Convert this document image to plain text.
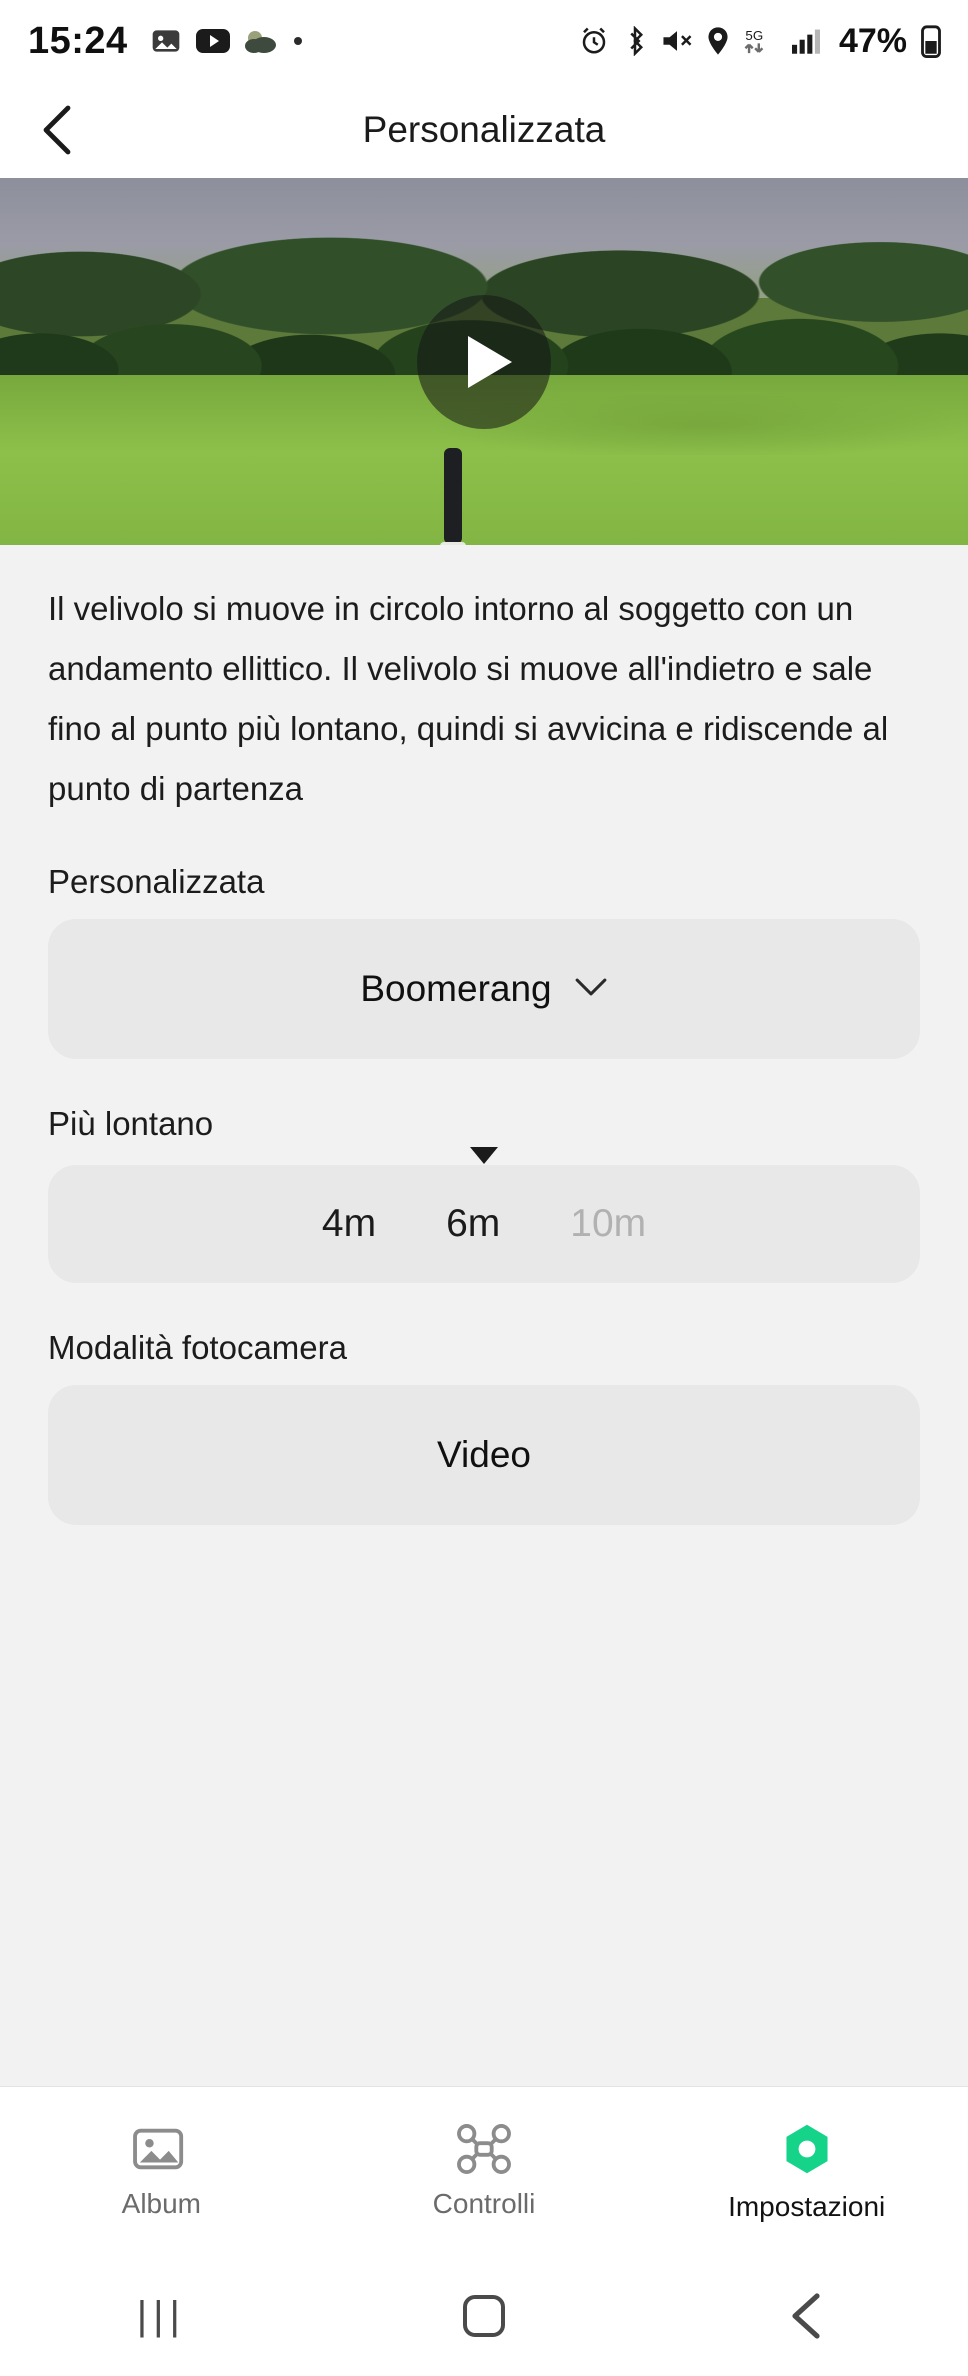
15:24	5G 47%
Personalizzata
Il velivolo si muove in circolo intorno al soggetto con un andamento ellittico. Il velivolo si muove all'indietro e sale fino al punto più lontano, quindi si avvicina e ridiscende al punto di partenza
Personalizzata
Boomerang
Più lontano
4m 6m 10m
Modalità fotocamera
Video
Album	Controlli	Impostazioni
|||
